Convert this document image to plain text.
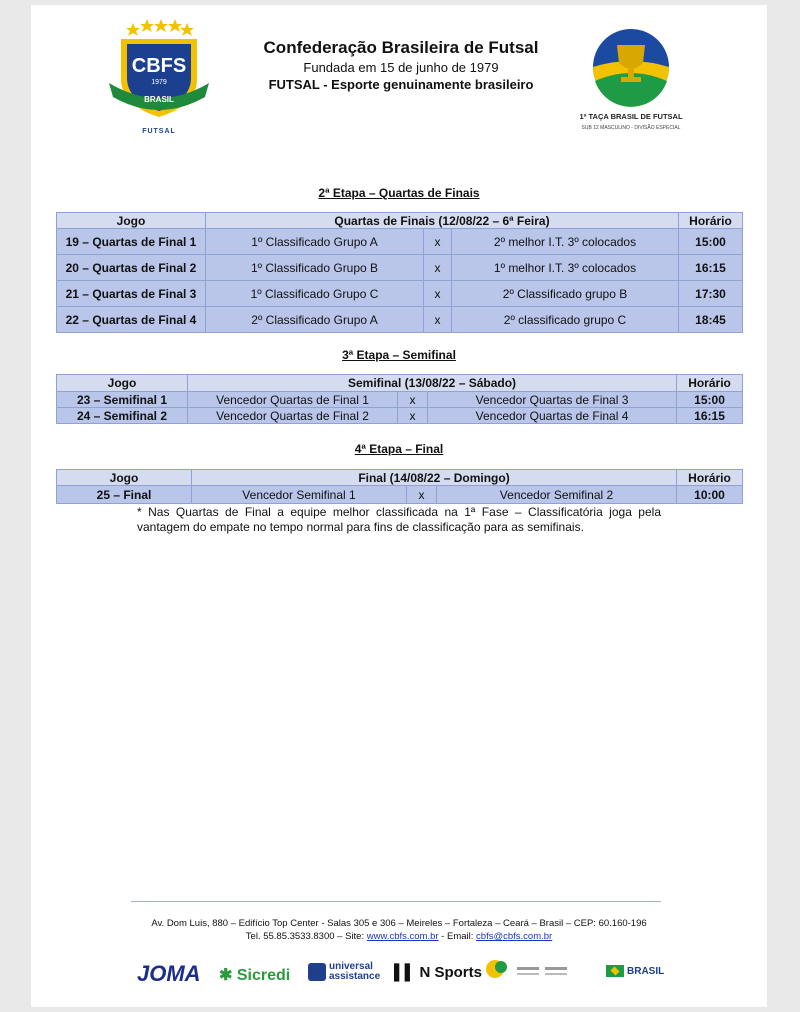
CBFS
1979
BRASIL
FUTSAL
Confederação Brasileira de Futsal
Fundada em 15 de junho de 1979
FUTSAL - Esporte genuinamente brasileiro
1ª TAÇA BRASIL DE FUTSAL
SUB 12 MASCULINO - DIVISÃO ESPECIAL
2ª Etapa – Quartas de Finais
Jogo	Quartas de Finais (12/08/22 – 6ª Feira)			Horário
19 – Quartas de Final 1	1º Classificado Grupo A	x	2º melhor I.T. 3º colocados	15:00
20 – Quartas de Final 2	1º Classificado Grupo B	x	1º melhor I.T. 3º colocados	16:15
21 – Quartas de Final 3	1º Classificado Grupo C	x	2º Classificado grupo B	17:30
22 – Quartas de Final 4	2º Classificado Grupo A	x	2º classificado grupo C	18:45
3ª Etapa – Semifinal
Jogo	Semifinal (13/08/22 – Sábado)			Horário
23 – Semifinal 1	Vencedor Quartas de Final 1	x	Vencedor Quartas de Final 3	15:00
24 – Semifinal 2	Vencedor Quartas de Final 2	x	Vencedor Quartas de Final 4	16:15
4ª Etapa – Final
Jogo	Final (14/08/22 – Domingo)			Horário
25 – Final	Vencedor Semifinal 1	x	Vencedor Semifinal 2	10:00
* Nas Quartas de Final a equipe melhor classificada na 1ª Fase – Classificatória joga pela vantagem do empate no tempo normal para fins de classificação para as semifinais.
Av. Dom Luis, 880 – Edifício Top Center - Salas 305 e 306 – Meireles – Fortaleza – Ceará – Brasil – CEP: 60.160-196
Tel. 55.85.3533.8300 – Site: www.cbfs.com.br - Email: cbfs@cbfs.com.br
JOMA ✱ Sicredi
universal assistance ▌▌ N Sports	BRASIL
